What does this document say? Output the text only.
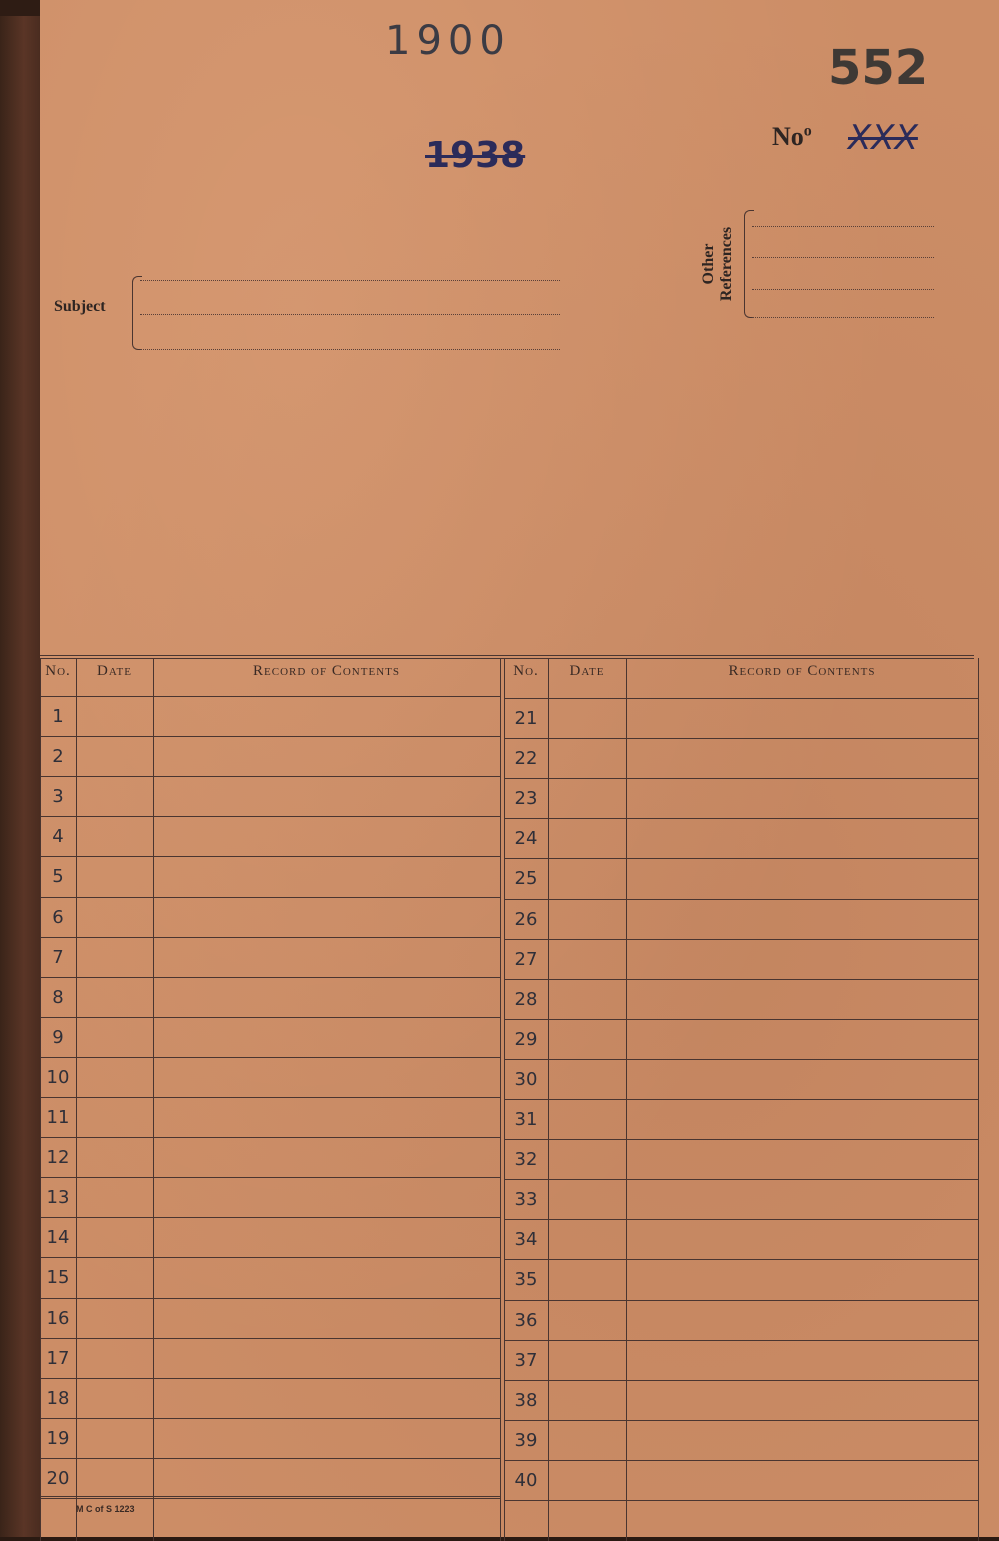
1900
1938
552
No$^o$ XXX
Subject
Other References
No.	Date	Record of Contents
1
2
3
4
5
6
7
8
9
10
11
12
13
14
15
16
17
18
19
20
No.	Date	Record of Contents
21
22
23
24
25
26
27
28
29
30
31
32
33
34
35
36
37
38
39
40
M C of S 1223
